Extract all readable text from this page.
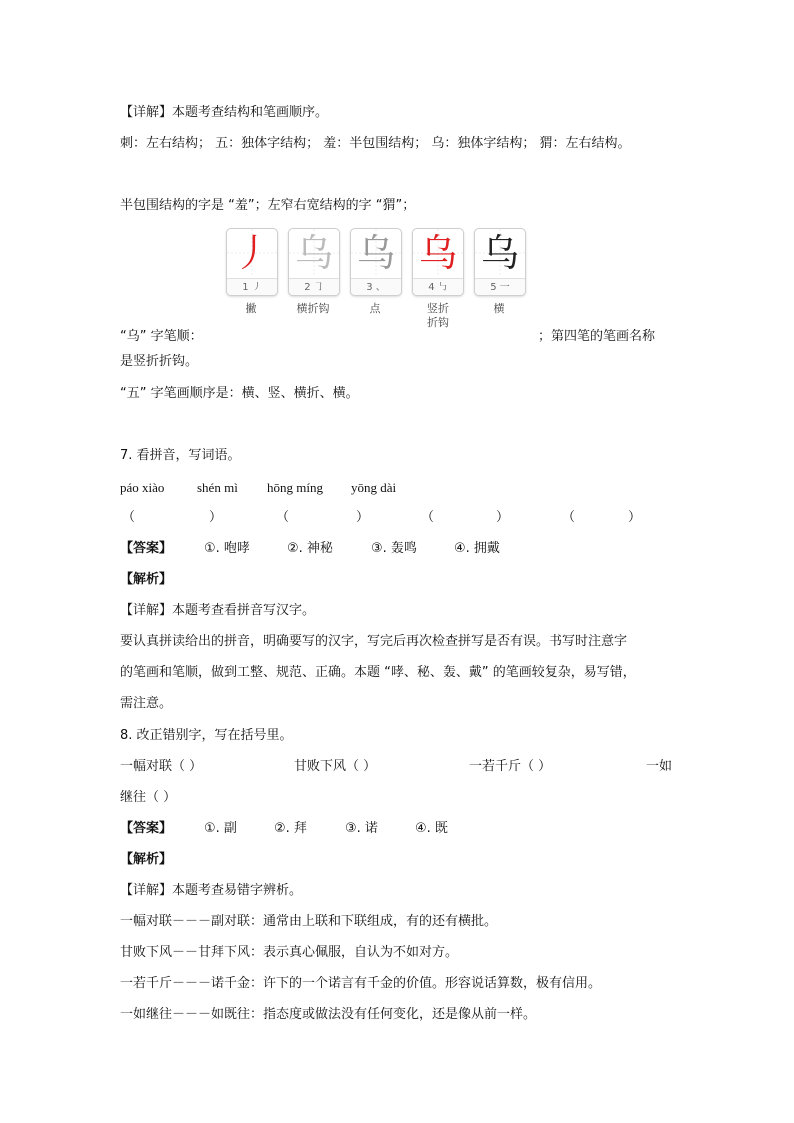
【详解】本题考查结构和笔画顺序。
刺：左右结构； 五：独体字结构； 羞：半包围结构； 乌：独体字结构； 猬：左右结构。
半包围结构的字是 “羞”；左窄右宽结构的字 “猬”；
丿
1 ㇓
乌
2 ㇆
乌
3 、
乌
4 ㇉
乌
5 一
撇	横折钩	点	竖折折钩
横
“乌” 字笔顺：	；第四笔的笔画名称
是竖折折钩。
“五” 字笔画顺序是：横、竖、横折、横。
7. 看拼音，写词语。
páo xiào	shén mì hōng míng yōng dài
（	）	（	）	（	）	（	）
【答案】 ①. 咆哮	②. 神秘	③. 轰鸣	④. 拥戴
【解析】
【详解】本题考查看拼音写汉字。
要认真拼读给出的拼音，明确要写的汉字，写完后再次检查拼写是否有误。书写时注意字
的笔画和笔顺，做到工整、规范、正确。本题 “哮、秘、轰、戴” 的笔画较复杂，易写错，
需注意。
8. 改正错别字，写在括号里。
一幅对联（ ）	甘败下风（ ）	一若千斤（ ）	一如
继往（ ）
【答案】 ①. 副	②. 拜	③. 诺	④. 既
【解析】
【详解】本题考查易错字辨析。
一幅对联－－－副对联：通常由上联和下联组成，有的还有横批。
甘败下风－－甘拜下风：表示真心佩服，自认为不如对方。
一若千斤－－－诺千金：许下的一个诺言有千金的价值。形容说话算数，极有信用。
一如继往－－－如既往：指态度或做法没有任何变化，还是像从前一样。
